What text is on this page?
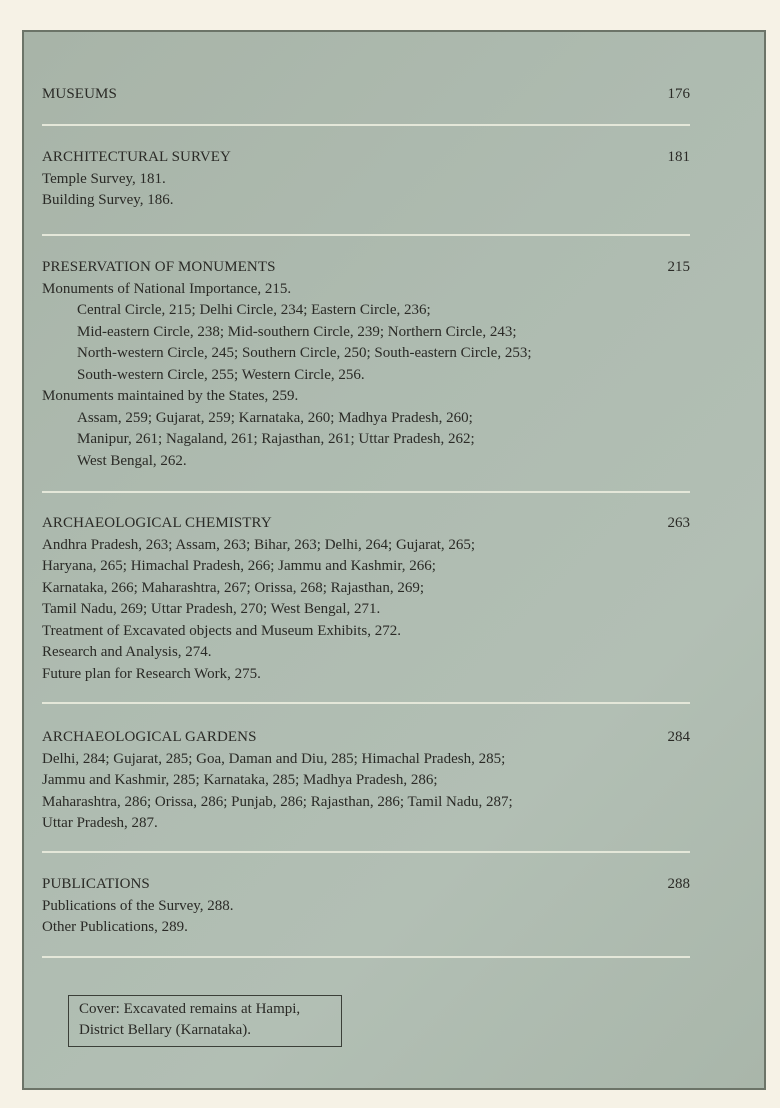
MUSEUMS	176
ARCHITECTURAL SURVEY	181
Temple Survey, 181.
Building Survey, 186.
PRESERVATION OF MONUMENTS	215
Monuments of National Importance, 215.
Central Circle, 215; Delhi Circle, 234; Eastern Circle, 236;
Mid-eastern Circle, 238; Mid-southern Circle, 239; Northern Circle, 243;
North-western Circle, 245; Southern Circle, 250; South-eastern Circle, 253;
South-western Circle, 255; Western Circle, 256.
Monuments maintained by the States, 259.
Assam, 259; Gujarat, 259; Karnataka, 260; Madhya Pradesh, 260;
Manipur, 261; Nagaland, 261; Rajasthan, 261; Uttar Pradesh, 262;
West Bengal, 262.
ARCHAEOLOGICAL CHEMISTRY	263
Andhra Pradesh, 263; Assam, 263; Bihar, 263; Delhi, 264; Gujarat, 265;
Haryana, 265; Himachal Pradesh, 266; Jammu and Kashmir, 266;
Karnataka, 266; Maharashtra, 267; Orissa, 268; Rajasthan, 269;
Tamil Nadu, 269; Uttar Pradesh, 270; West Bengal, 271.
Treatment of Excavated objects and Museum Exhibits, 272.
Research and Analysis, 274.
Future plan for Research Work, 275.
ARCHAEOLOGICAL GARDENS	284
Delhi, 284; Gujarat, 285; Goa, Daman and Diu, 285; Himachal Pradesh, 285;
Jammu and Kashmir, 285; Karnataka, 285; Madhya Pradesh, 286;
Maharashtra, 286; Orissa, 286; Punjab, 286; Rajasthan, 286; Tamil Nadu, 287;
Uttar Pradesh, 287.
PUBLICATIONS	288
Publications of the Survey, 288.
Other Publications, 289.
Cover: Excavated remains at Hampi,
District Bellary (Karnataka).
